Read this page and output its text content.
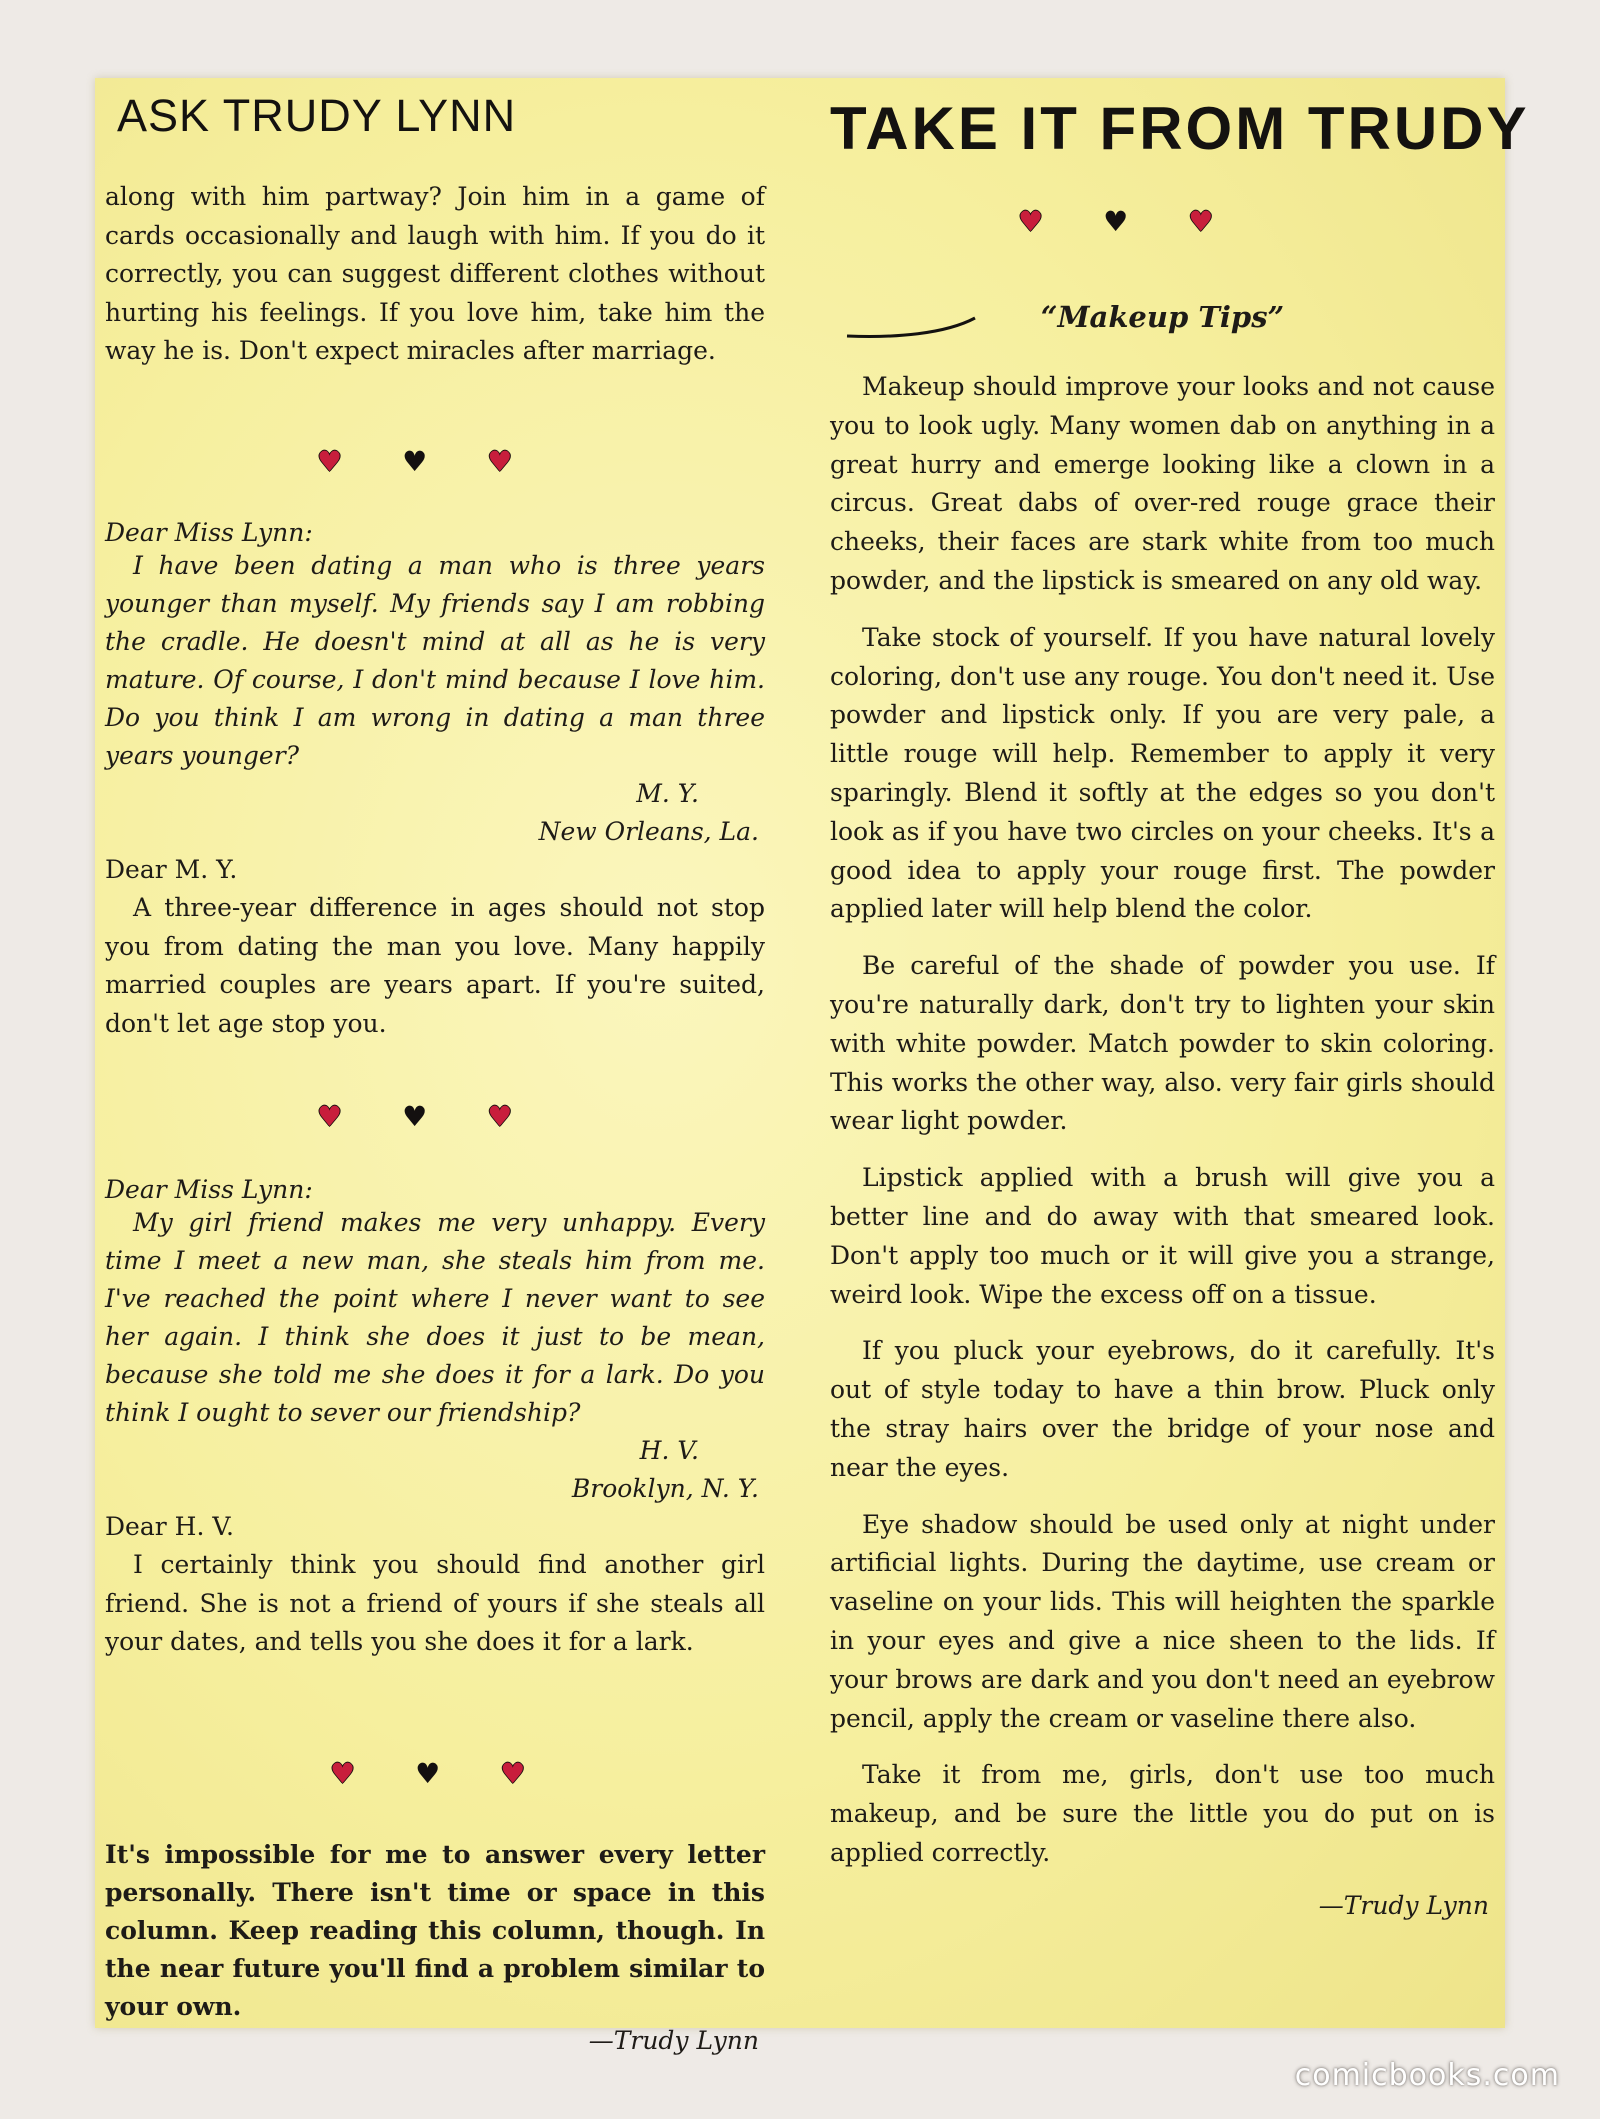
ASK TRUDY LYNN

along with him partway? Join him in a game of cards occasionally and laugh with him. If you do it correctly, you can suggest different clothes without hurting his feelings. If you love him, take him the way he is. Don't expect miracles after marriage.

♥ ♥ ♥
Dear Miss Lynn:

I have been dating a man who is three years younger than myself. My friends say I am robbing the cradle. He doesn't mind at all as he is very mature. Of course, I don't mind because I love him. Do you think I am wrong in dating a man three years younger?

M. Y.
New Orleans, La.
Dear M. Y.

A three-year difference in ages should not stop you from dating the man you love. Many happily married couples are years apart. If you're suited, don't let age stop you.

♥ ♥ ♥
Dear Miss Lynn:

My girl friend makes me very unhappy. Every time I meet a new man, she steals him from me. I've reached the point where I never want to see her again. I think she does it just to be mean, because she told me she does it for a lark. Do you think I ought to sever our friendship?

H. V.
Brooklyn, N. Y.
Dear H. V.

I certainly think you should find another girl friend. She is not a friend of yours if she steals all your dates, and tells you she does it for a lark.

♥ ♥ ♥

It's impossible for me to answer every letter personally. There isn't time or space in this column. Keep reading this column, though. In the near future you'll find a problem similar to your own.

—Trudy Lynn
TAKE IT FROM TRUDY
♥ ♥ ♥
“Makeup Tips”

Makeup should improve your looks and not cause you to look ugly. Many women dab on anything in a great hurry and emerge looking like a clown in a circus. Great dabs of over-red rouge grace their cheeks, their faces are stark white from too much powder, and the lipstick is smeared on any old way.

Take stock of yourself. If you have natural lovely coloring, don't use any rouge. You don't need it. Use powder and lipstick only. If you are very pale, a little rouge will help. Remember to apply it very sparingly. Blend it softly at the edges so you don't look as if you have two circles on your cheeks. It's a good idea to apply your rouge first. The powder applied later will help blend the color.

Be careful of the shade of powder you use. If you're naturally dark, don't try to lighten your skin with white powder. Match powder to skin coloring. This works the other way, also. very fair girls should wear light powder.

Lipstick applied with a brush will give you a better line and do away with that smeared look. Don't apply too much or it will give you a strange, weird look. Wipe the excess off on a tissue.

If you pluck your eyebrows, do it carefully. It's out of style today to have a thin brow. Pluck only the stray hairs over the bridge of your nose and near the eyes.

Eye shadow should be used only at night under artificial lights. During the daytime, use cream or vaseline on your lids. This will heighten the sparkle in your eyes and give a nice sheen to the lids. If your brows are dark and you don't need an eyebrow pencil, apply the cream or vaseline there also.

Take it from me, girls, don't use too much makeup, and be sure the little you do put on is applied correctly.

—Trudy Lynn
comicbooks.com
